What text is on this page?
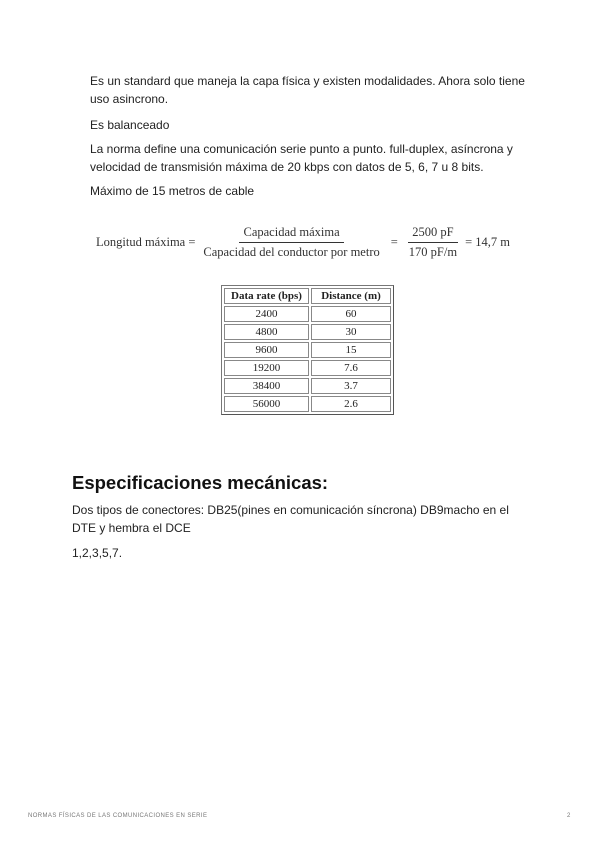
Es un standard que maneja la capa física y existen modalidades. Ahora solo tiene uso asincrono.

Es balanceado

La norma define una comunicación serie punto a punto. full-duplex, asíncrona y velocidad de transmisión máxima de 20 kbps con datos de 5, 6, 7 u 8 bits.

Máximo de 15 metros de cable

Longitud máxima = $\frac{\text{Capacidad máxima}}{\text{Capacidad del conductor por metro}} = \frac{2500 pF}{170 pF/m} = 14,7$ m
Data rate (bps)	Distance (m)
2400	60
4800	30
9600	15
19200	7.6
38400	3.7
56000	2.6
Especificaciones mecánicas:

Dos tipos de conectores: DB25(pines en comunicación síncrona) DB9macho en el DTE y hembra el DCE

1,2,3,5,7.

NORMAS FÍSICAS DE LAS COMUNICACIONES EN SERIE	2
